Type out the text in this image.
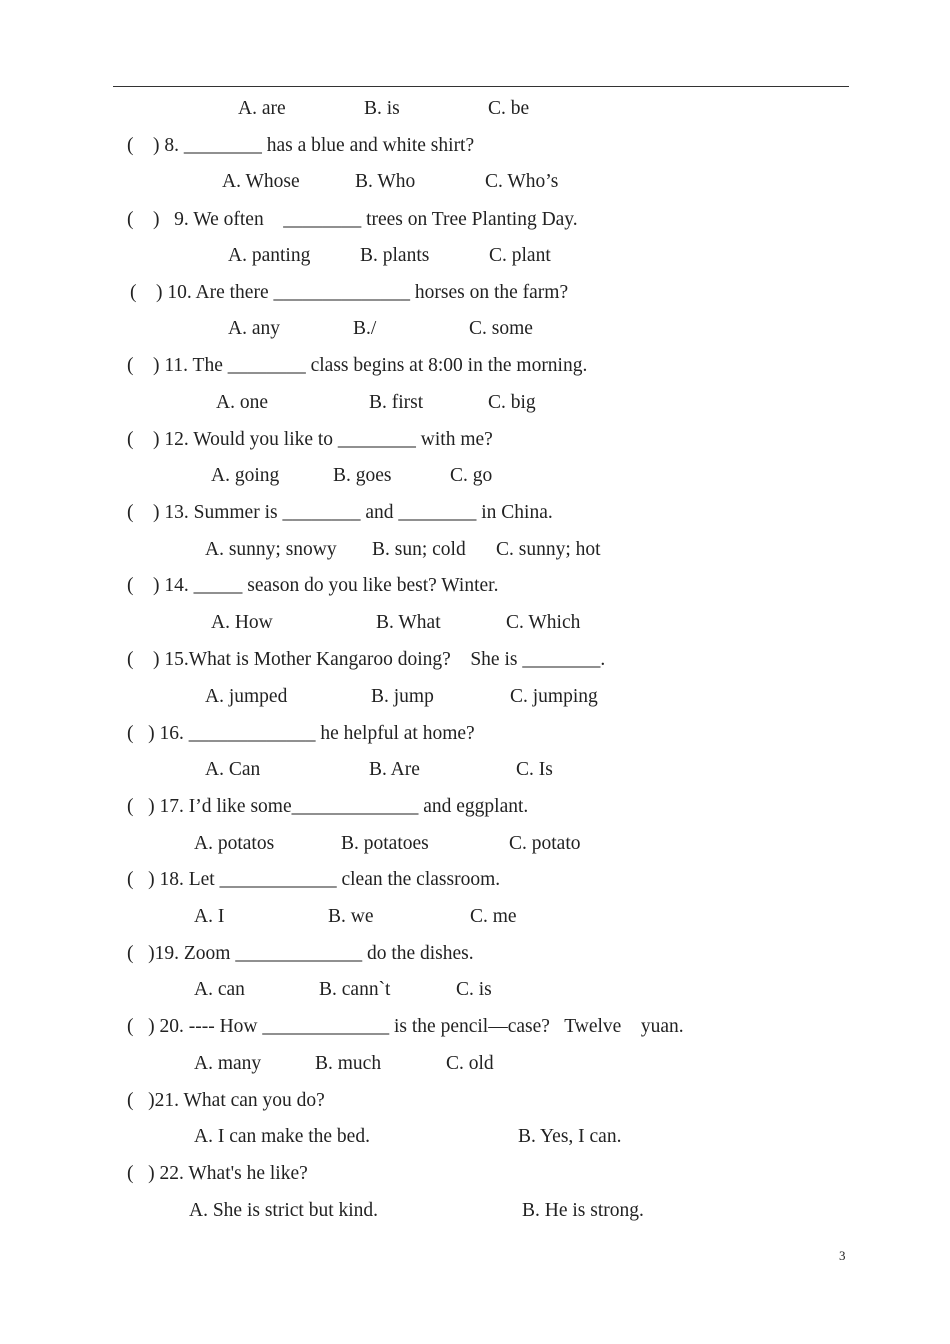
A. are	B. is	C. be
(    ) 8. ________ has a blue and white shirt?
A. Whose	B. Who	C. Who’s
(    )   9. We often    ________ trees on Tree Planting Day.
A. panting	B. plants	C. plant
(    ) 10. Are there ______________ horses on the farm?
A. any	B./	C. some
(    ) 11. The ________ class begins at 8:00 in the morning.
A. one	B. first	C. big
(    ) 12. Would you like to ________ with me?
A. going	B. goes	C. go
(    ) 13. Summer is ________ and ________ in China.
A. sunny; snowy B. sun; cold C. sunny; hot
(    ) 14. _____ season do you like best? Winter.
A. How	B. What	C. Which
(    ) 15.What is Mother Kangaroo doing?    She is ________.
A. jumped	B. jump	C. jumping
(   ) 16. _____________ he helpful at home?
A. Can	B. Are	C. Is
(   ) 17. I’d like some_____________ and eggplant.
A. potatos	B. potatoes	C. potato
(   ) 18. Let ____________ clean the classroom.
A. I	B. we	C. me
(   )19. Zoom _____________ do the dishes.
A. can	B. cann`t	C. is
(   ) 20. ---- How _____________ is the pencil—case?   Twelve    yuan.
A. many	B. much	C. old
(   )21. What can you do?
A. I can make the bed.	B. Yes, I can.
(   ) 22. What's he like?
A. She is strict but kind.	B. He is strong.
3
